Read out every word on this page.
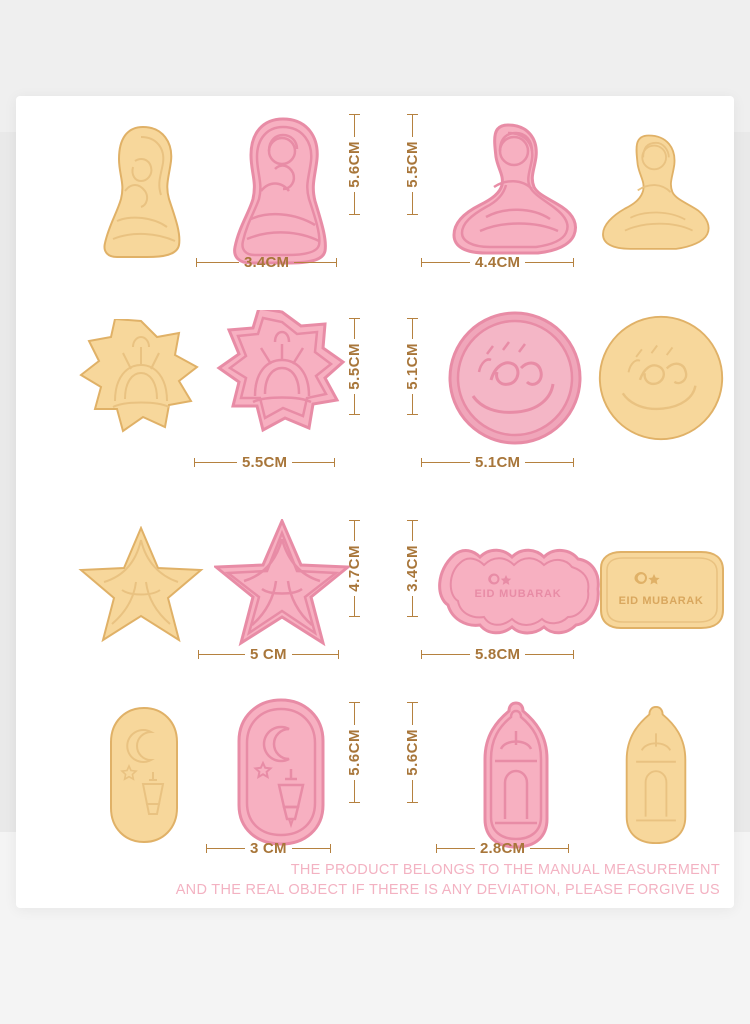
3.4CM
5.6CM	5.5CM
4.4CM
5.5CM
5.5CM	5.1CM
5.1CM
EID MUBARAK
EID MUBARAK
5 CM
4.7CM	3.4CM
5.8CM
3 CM
5.6CM	5.6CM
2.8CM
THE PRODUCT BELONGS TO THE MANUAL MEASUREMENT
AND THE REAL OBJECT IF THERE IS ANY DEVIATION, PLEASE FORGIVE US
